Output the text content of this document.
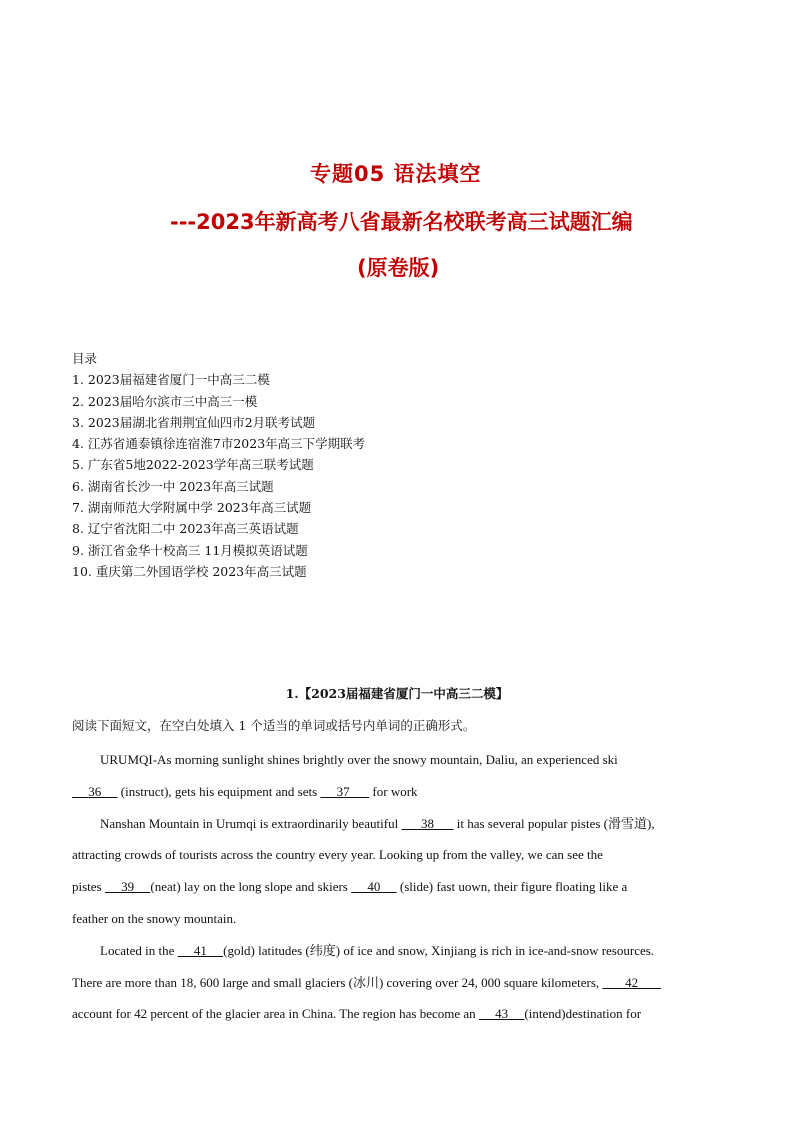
专题05 语法填空
---2023年新高考八省最新名校联考高三试题汇编
(原卷版)
目录
1. 2023届福建省厦门一中高三二模
2. 2023届哈尔滨市三中高三一模
3. 2023届湖北省荆荆宜仙四市2月联考试题
4. 江苏省通泰镇徐连宿淮7市2023年高三下学期联考
5. 广东省5地2022-2023学年高三联考试题
6. 湖南省长沙一中 2023年高三试题
7. 湖南师范大学附属中学 2023年高三试题
8. 辽宁省沈阳二中 2023年高三英语试题
9. 浙江省金华十校高三 11月模拟英语试题
10. 重庆第二外国语学校 2023年高三试题
1.【2023届福建省厦门一中高三二模】
阅读下面短文，在空白处填入 1 个适当的单词或括号内单词的正确形式。
URUMQI-As morning sunlight shines brightly over the snowy mountain, Daliu, an experienced ski
36      (instruct), gets his equipment and sets      37       for work
Nanshan Mountain in Urumqi is extraordinarily beautiful       38       it has several popular pistes (滑雪道),
attracting crowds of tourists across the country every year. Looking up from the valley, we can see the
pistes      39     (neat) lay on the long slope and skiers      40      (slide) fast uown, their figure floating like a
feather on the snowy mountain.
Located in the      41     (gold) latitudes (纬度) of ice and snow, Xinjiang is rich in ice-and-snow resources.
There are more than 18, 600 large and small glaciers (冰川) covering over 24, 000 square kilometers,        42
account for 42 percent of the glacier area in China. The region has become an      43     (intend)destination for
